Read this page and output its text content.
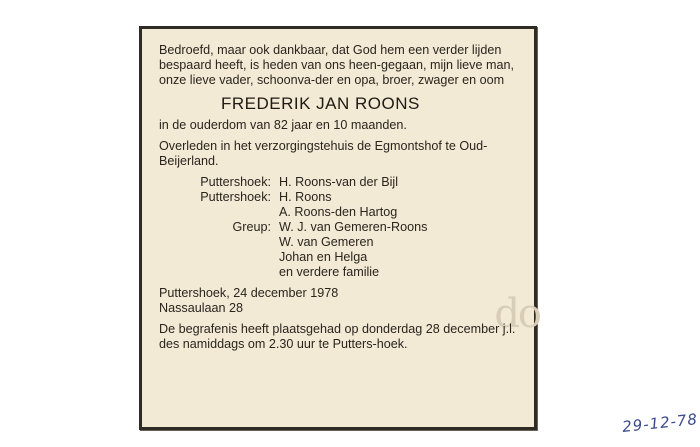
do

Bedroefd, maar ook dankbaar, dat God hem een verder lijden bespaard heeft, is heden van ons heen-gegaan, mijn lieve man, onze lieve vader, schoonva-der en opa, broer, zwager en oom

FREDERIK JAN ROONS

in de ouderdom van 82 jaar en 10 maanden.

Overleden in het verzorgingstehuis de Egmontshof te Oud-Beijerland.

Puttershoek: H. Roons-van der Bijl
Puttershoek: H. Roons
A. Roons-den Hartog
Greup: W. J. van Gemeren-Roons
W. van Gemeren
Johan en Helga
en verdere familie

Puttershoek, 24 december 1978

Nassaulaan 28

De begrafenis heeft plaatsgehad op donderdag 28 december j.l. des namiddags om 2.30 uur te Putters-hoek.

29-12-78
